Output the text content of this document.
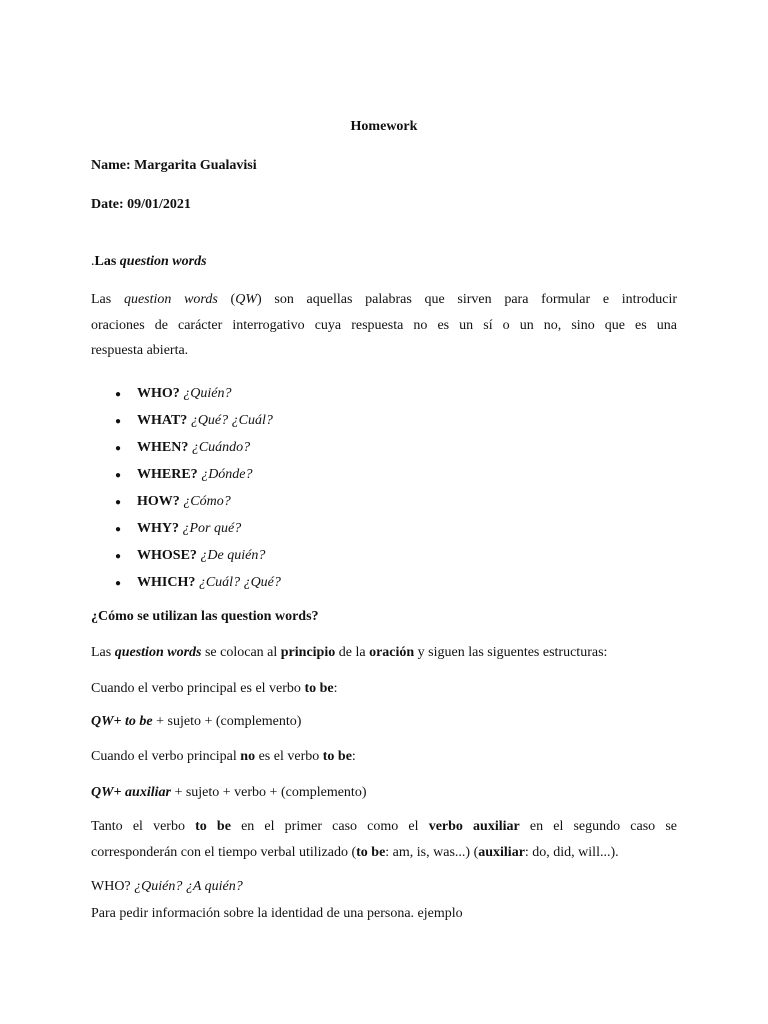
Homework

Name: Margarita Gualavisi

Date: 09/01/2021

.Las question words

Las question words (QW) son aquellas palabras que sirven para formular e introducir

oraciones de carácter interrogativo cuya respuesta no es un sí o un no, sino que es una

respuesta abierta.

● WHO? ¿Quién?
● WHAT? ¿Qué? ¿Cuál?
● WHEN? ¿Cuándo?
● WHERE? ¿Dónde?
● HOW? ¿Cómo?
● WHY? ¿Por qué?
● WHOSE? ¿De quién?
● WHICH? ¿Cuál? ¿Qué?

¿Cómo se utilizan las question words?

Las question words se colocan al principio de la oración y siguen las siguentes estructuras:

Cuando el verbo principal es el verbo to be:

QW+ to be + sujeto + (complemento)

Cuando el verbo principal no es el verbo to be:

QW+ auxiliar + sujeto + verbo + (complemento)

Tanto el verbo to be en el primer caso como el verbo auxiliar en el segundo caso se

corresponderán con el tiempo verbal utilizado (to be: am, is, was...) (auxiliar: do, did, will...).

WHO? ¿Quién? ¿A quién?

Para pedir información sobre la identidad de una persona. ejemplo
